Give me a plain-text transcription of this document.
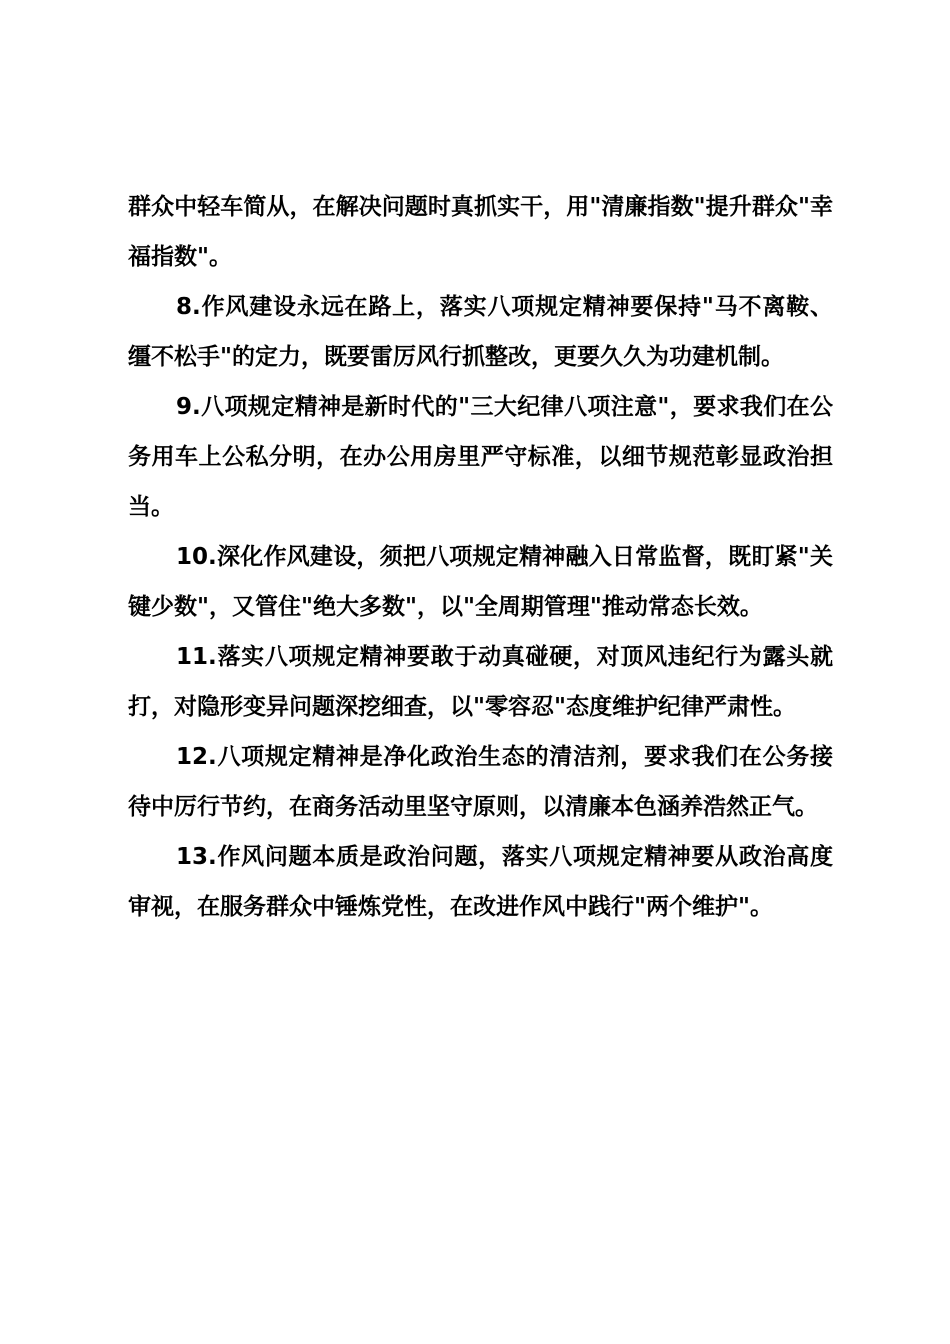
群众中轻车简从，在解决问题时真抓实干，用"清廉指数"提升群众"幸福指数"。

8.作风建设永远在路上，落实八项规定精神要保持"马不离鞍、缰不松手"的定力，既要雷厉风行抓整改，更要久久为功建机制。

9.八项规定精神是新时代的"三大纪律八项注意"，要求我们在公务用车上公私分明，在办公用房里严守标准，以细节规范彰显政治担当。

10.深化作风建设，须把八项规定精神融入日常监督，既盯紧"关键少数"，又管住"绝大多数"，以"全周期管理"推动常态长效。

11.落实八项规定精神要敢于动真碰硬，对顶风违纪行为露头就打，对隐形变异问题深挖细查，以"零容忍"态度维护纪律严肃性。

12.八项规定精神是净化政治生态的清洁剂，要求我们在公务接待中厉行节约，在商务活动里坚守原则，以清廉本色涵养浩然正气。

13.作风问题本质是政治问题，落实八项规定精神要从政治高度审视，在服务群众中锤炼党性，在改进作风中践行"两个维护"。
